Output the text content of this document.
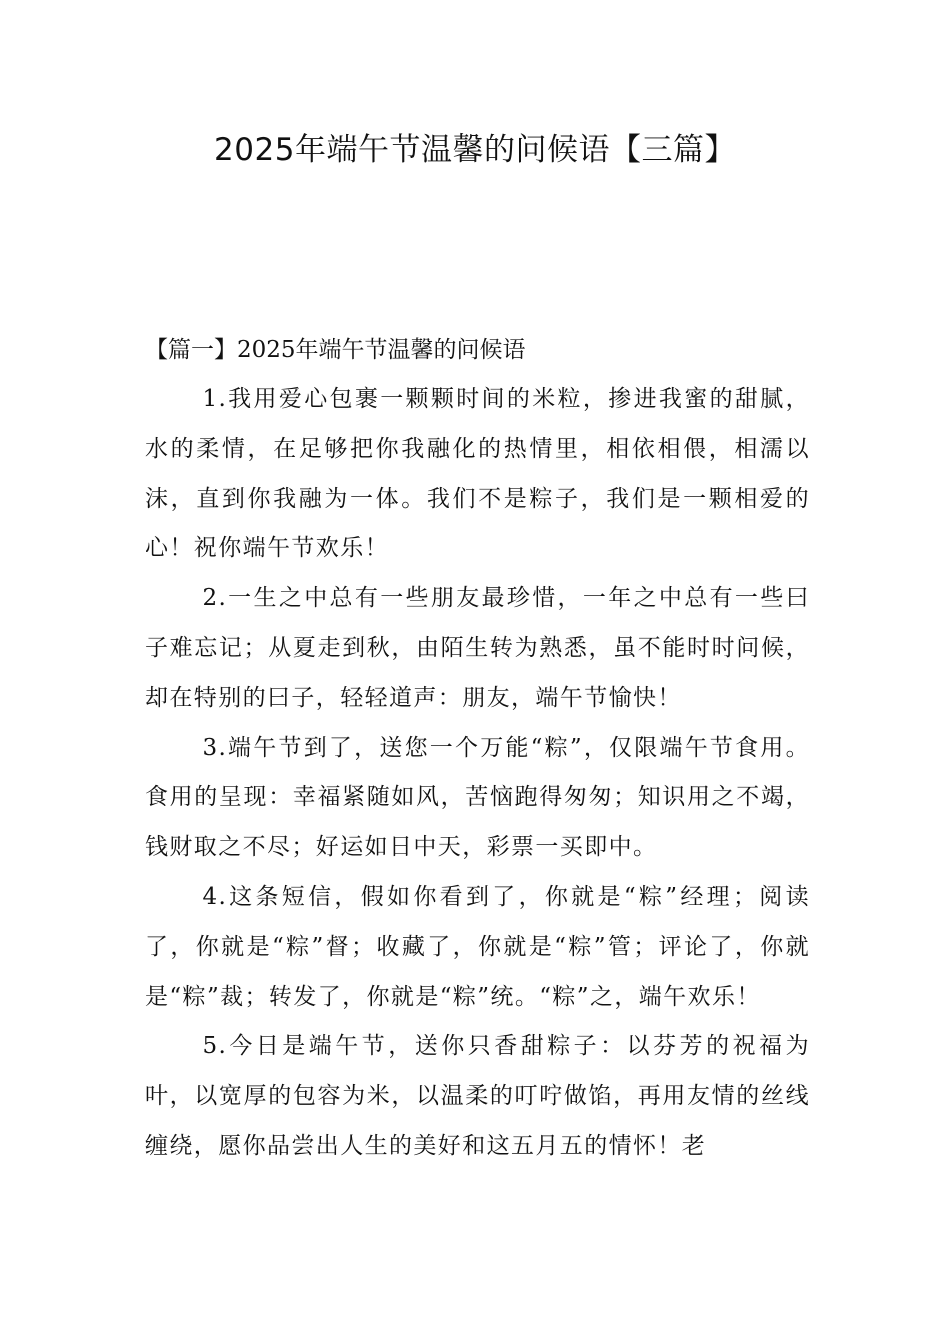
2025年端午节温馨的问候语【三篇】
【篇一】2025年端午节温馨的问候语

1.我用爱心包裹一颗颗时间的米粒，掺进我蜜的甜腻，水的柔情，在足够把你我融化的热情里，相依相偎，相濡以沫，直到你我融为一体。我们不是粽子，我们是一颗相爱的心！祝你端午节欢乐！

2.一生之中总有一些朋友最珍惜，一年之中总有一些曰子难忘记；从夏走到秋，由陌生转为熟悉，虽不能时时问候，却在特别的曰子，轻轻道声：朋友，端午节愉快！

3.端午节到了，送您一个万能“粽”，仅限端午节食用。食用的呈现：幸福紧随如风，苦恼跑得匆匆；知识用之不竭，钱财取之不尽；好运如日中天，彩票一买即中。

4.这条短信，假如你看到了，你就是“粽”经理；阅读了，你就是“粽”督；收藏了，你就是“粽”管；评论了，你就是“粽”裁；转发了，你就是“粽”统。“粽”之，端午欢乐！

5.今日是端午节，送你只香甜粽子：以芬芳的祝福为叶，以宽厚的包容为米，以温柔的叮咛做馅，再用友情的丝线缠绕，愿你品尝出人生的美好和这五月五的情怀！老
